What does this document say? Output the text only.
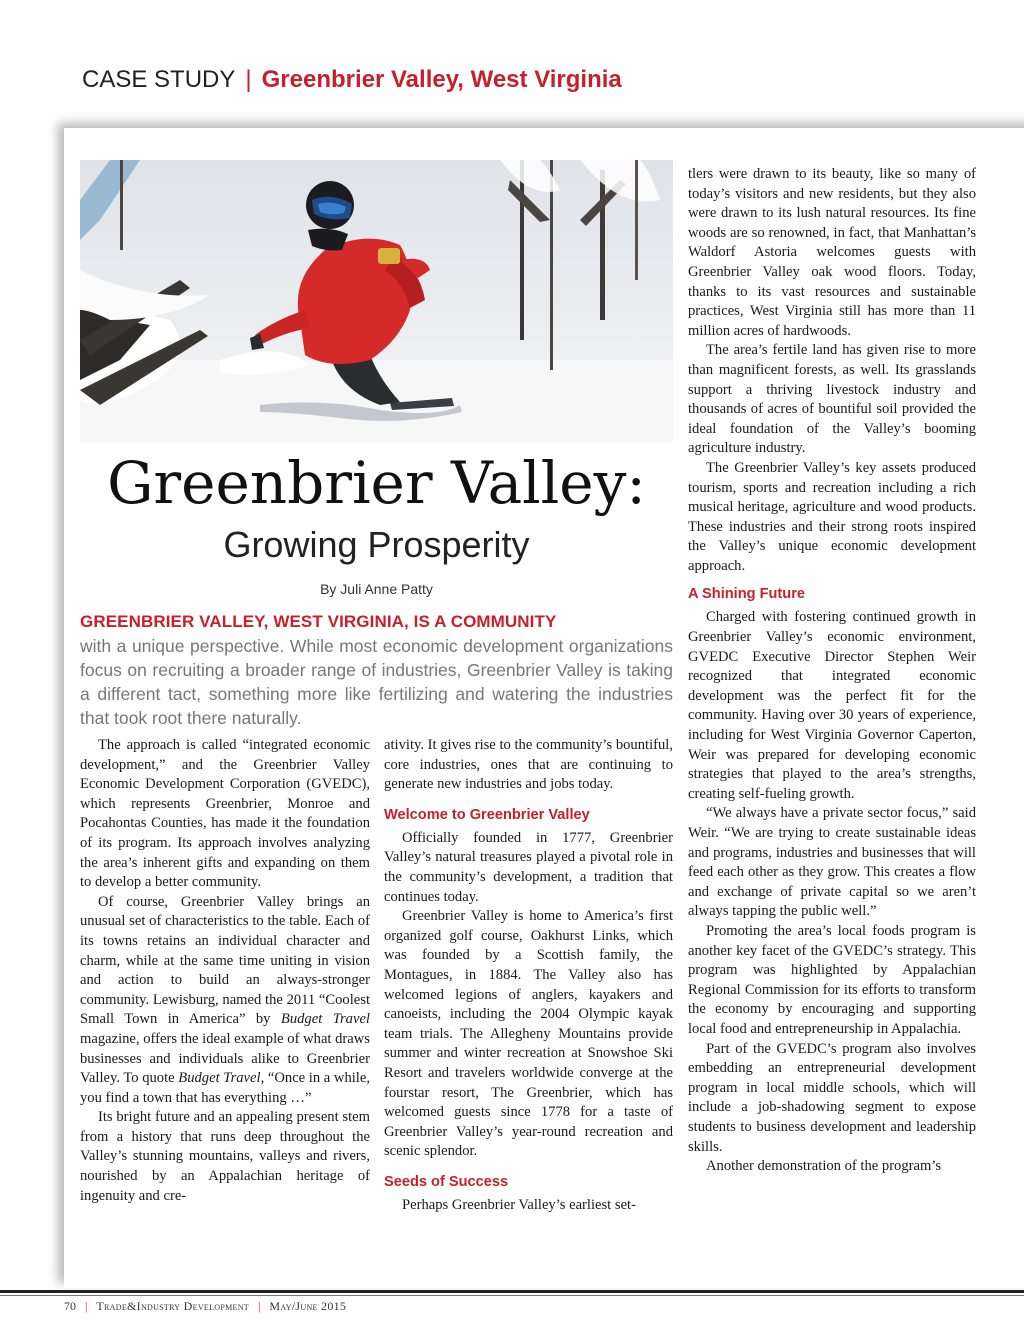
CASE STUDY | Greenbrier Valley, West Virginia
Greenbrier Valley:
Growing Prosperity
By Juli Anne Patty
GREENBRIER VALLEY, WEST VIRGINIA, IS A COMMUNITY
with a unique perspective. While most economic development organizations focus on recruiting a broader range of industries, Greenbrier Valley is taking a different tact, something more like fertilizing and watering the industries that took root there naturally.

The approach is called “integrated economic development,” and the Greenbrier Valley Economic Development Corporation (GVEDC), which represents Greenbrier, Monroe and Pocahontas Counties, has made it the foundation of its program. Its approach involves analyzing the area’s inherent gifts and expanding on them to develop a better community.

Of course, Greenbrier Valley brings an unusual set of characteristics to the table. Each of its towns retains an individual character and charm, while at the same time uniting in vision and action to build an always-stronger community. Lewisburg, named the 2011 “Coolest Small Town in America” by Budget Travel magazine, offers the ideal example of what draws businesses and individuals alike to Greenbrier Valley. To quote Budget Travel, “Once in a while, you find a town that has everything …”

Its bright future and an appealing present stem from a history that runs deep throughout the Valley’s stunning mountains, valleys and rivers, nourished by an Appalachian heritage of ingenuity and cre-

ativity. It gives rise to the community’s bountiful, core industries, ones that are continuing to generate new industries and jobs today.

Welcome to Greenbrier Valley

Officially founded in 1777, Greenbrier Valley’s natural treasures played a pivotal role in the community’s development, a tradition that continues today.

Greenbrier Valley is home to America’s first organized golf course, Oakhurst Links, which was founded by a Scottish family, the Montagues, in 1884. The Valley also has welcomed legions of anglers, kayakers and canoeists, including the 2004 Olympic kayak team trials. The Allegheny Mountains provide summer and winter recreation at Snowshoe Ski Resort and travelers worldwide converge at the fourstar resort, The Greenbrier, which has welcomed guests since 1778 for a taste of Greenbrier Valley’s year-round recreation and scenic splendor.

Seeds of Success

Perhaps Greenbrier Valley’s earliest set-

tlers were drawn to its beauty, like so many of today’s visitors and new residents, but they also were drawn to its lush natural resources. Its fine woods are so renowned, in fact, that Manhattan’s Waldorf Astoria welcomes guests with Greenbrier Valley oak wood floors. Today, thanks to its vast resources and sustainable practices, West Virginia still has more than 11 million acres of hardwoods.

The area’s fertile land has given rise to more than magnificent forests, as well. Its grasslands support a thriving livestock industry and thousands of acres of bountiful soil provided the ideal foundation of the Valley’s booming agriculture industry.

The Greenbrier Valley’s key assets produced tourism, sports and recreation including a rich musical heritage, agriculture and wood products. These industries and their strong roots inspired the Valley’s unique economic development approach.

A Shining Future

Charged with fostering continued growth in Greenbrier Valley’s economic environment, GVEDC Executive Director Stephen Weir recognized that integrated economic development was the perfect fit for the community. Having over 30 years of experience, including for West Virginia Governor Caperton, Weir was prepared for developing economic strategies that played to the area’s strengths, creating self-fueling growth.

“We always have a private sector focus,” said Weir. “We are trying to create sustainable ideas and programs, industries and businesses that will feed each other as they grow. This creates a flow and exchange of private capital so we aren’t always tapping the public well.”

Promoting the area’s local foods program is another key facet of the GVEDC’s strategy. This program was highlighted by Appalachian Regional Commission for its efforts to transform the economy by encouraging and supporting local food and entrepreneurship in Appalachia.

Part of the GVEDC’s program also involves embedding an entrepreneurial development program in local middle schools, which will include a job-shadowing segment to expose students to business development and leadership skills.

Another demonstration of the program’s

70 | Trade&Industry Development | May/June 2015
